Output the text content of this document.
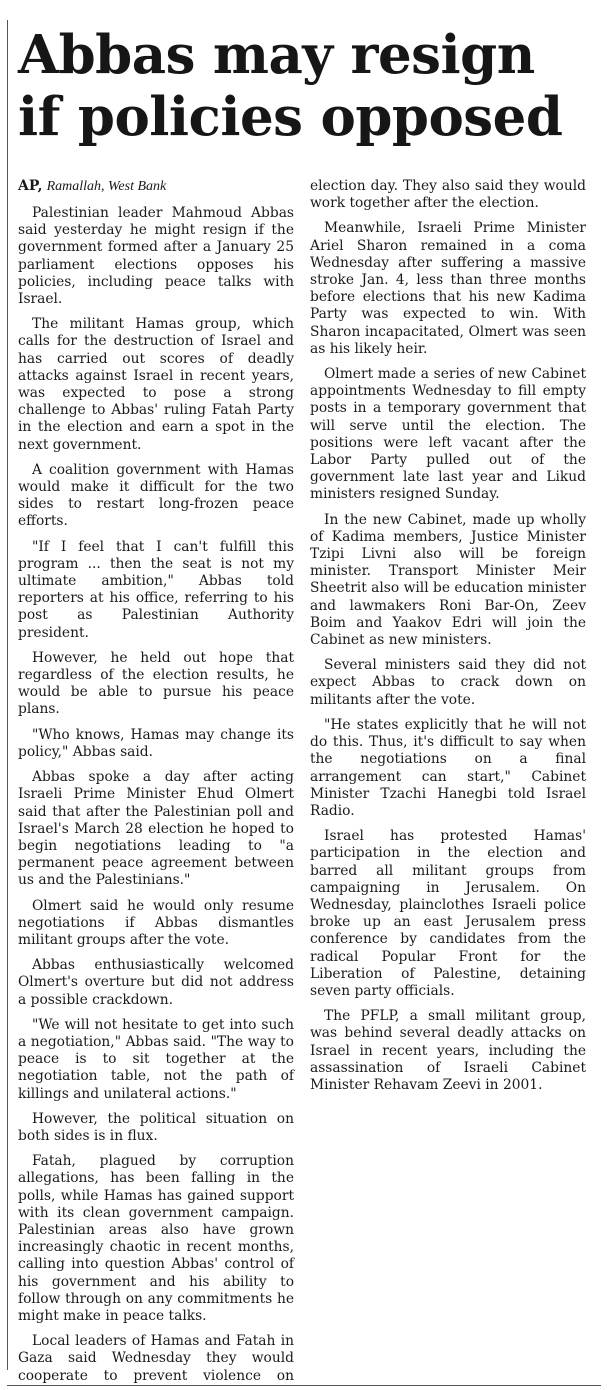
Abbas may resign
if policies opposed

AP, Ramallah, West Bank

Palestinian leader Mahmoud Abbas said yesterday he might resign if the government formed after a January 25 parliament elections opposes his policies, including peace talks with Israel.

The militant Hamas group, which calls for the destruction of Israel and has carried out scores of deadly attacks against Israel in recent years, was expected to pose a strong challenge to Abbas' ruling Fatah Party in the election and earn a spot in the next government.

A coalition government with Hamas would make it difficult for the two sides to restart long-frozen peace efforts.

"If I feel that I can't fulfill this program ... then the seat is not my ultimate ambition," Abbas told reporters at his office, referring to his post as Palestinian Authority president.

However, he held out hope that regardless of the election results, he would be able to pursue his peace plans.

"Who knows, Hamas may change its policy," Abbas said.

Abbas spoke a day after acting Israeli Prime Minister Ehud Olmert said that after the Palestinian poll and Israel's March 28 election he hoped to begin negotiations leading to "a permanent peace agreement between us and the Palestinians."

Olmert said he would only resume negotiations if Abbas dismantles militant groups after the vote.

Abbas enthusiastically welcomed Olmert's overture but did not address a possible crackdown.

"We will not hesitate to get into such a negotiation," Abbas said. "The way to peace is to sit together at the negotiation table, not the path of killings and unilateral actions."

However, the political situation on both sides is in flux.

Fatah, plagued by corruption allegations, has been falling in the polls, while Hamas has gained support with its clean government campaign. Palestinian areas also have grown increasingly chaotic in recent months, calling into question Abbas' control of his government and his ability to follow through on any commitments he might make in peace talks.

Local leaders of Hamas and Fatah in Gaza said Wednesday they would cooperate to prevent violence on election day. They also said they would work together after the election.

Meanwhile, Israeli Prime Minister Ariel Sharon remained in a coma Wednesday after suffering a massive stroke Jan. 4, less than three months before elections that his new Kadima Party was expected to win. With Sharon incapacitated, Olmert was seen as his likely heir.

Olmert made a series of new Cabinet appointments Wednesday to fill empty posts in a temporary government that will serve until the election. The positions were left vacant after the Labor Party pulled out of the government late last year and Likud ministers resigned Sunday.

In the new Cabinet, made up wholly of Kadima members, Justice Minister Tzipi Livni also will be foreign minister. Transport Minister Meir Sheetrit also will be education minister and lawmakers Roni Bar-On, Zeev Boim and Yaakov Edri will join the Cabinet as new ministers.

Several ministers said they did not expect Abbas to crack down on militants after the vote.

"He states explicitly that he will not do this. Thus, it's difficult to say when the negotiations on a final arrangement can start," Cabinet Minister Tzachi Hanegbi told Israel Radio.

Israel has protested Hamas' participation in the election and barred all militant groups from campaigning in Jerusalem. On Wednesday, plainclothes Israeli police broke up an east Jerusalem press conference by candidates from the radical Popular Front for the Liberation of Palestine, detaining seven party officials.

The PFLP, a small militant group, was behind several deadly attacks on Israel in recent years, including the assassination of Israeli Cabinet Minister Rehavam Zeevi in 2001.
